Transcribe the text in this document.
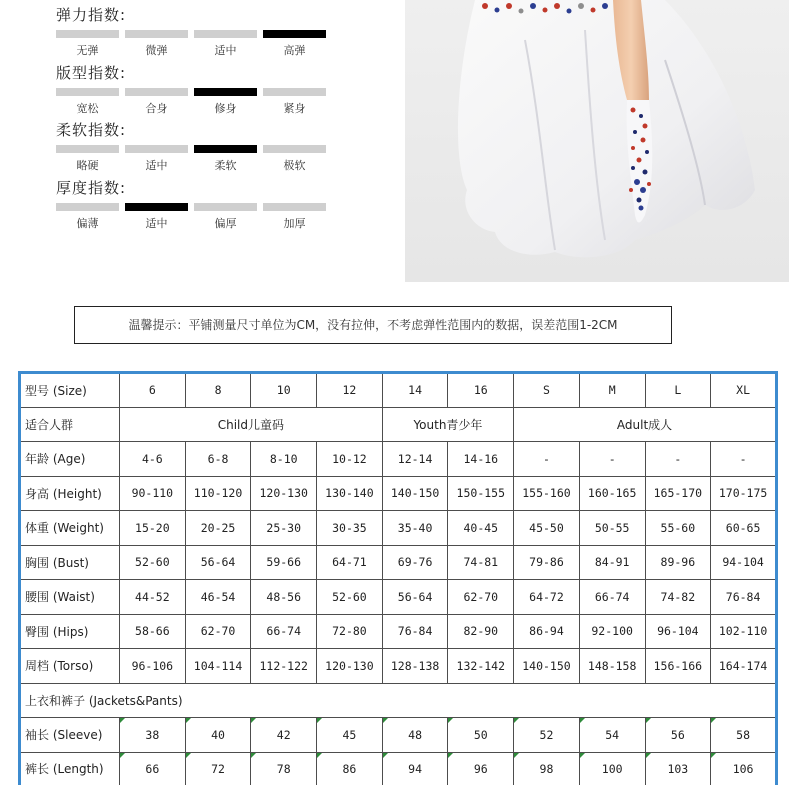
弹力指数:
无弹	微弹	适中	高弹
版型指数:
宽松	合身	修身	紧身
柔软指数:
略硬	适中	柔软	极软
厚度指数:
偏薄	适中	偏厚	加厚
温馨提示：平铺测量尺寸单位为CM，没有拉伸，不考虑弹性范围内的数据，误差范围1-2CM
型号 (Size)	6	8	10	12	14	16	S	M	L	XL
适合人群	Child儿童码				Youth青少年		Adult成人			
年龄 (Age)	4-6	6-8	8-10	10-12	12-14	14-16	-	-	-	-
身高 (Height)	90-110	110-120	120-130	130-140	140-150	150-155	155-160	160-165	165-170	170-175
体重 (Weight)	15-20	20-25	25-30	30-35	35-40	40-45	45-50	50-55	55-60	60-65
胸围 (Bust)	52-60	56-64	59-66	64-71	69-76	74-81	79-86	84-91	89-96	94-104
腰围 (Waist)	44-52	46-54	48-56	52-60	56-64	62-70	64-72	66-74	74-82	76-84
臀围 (Hips)	58-66	62-70	66-74	72-80	76-84	82-90	86-94	92-100	96-104	102-110
周档 (Torso)	96-106	104-114	112-122	120-130	128-138	132-142	140-150	148-158	156-166	164-174
上衣和裤子 (Jackets&Pants)										
袖长 (Sleeve)	38	40	42	45	48	50	52	54	56	58
裤长 (Length)	66	72	78	86	94	96	98	100	103	106
